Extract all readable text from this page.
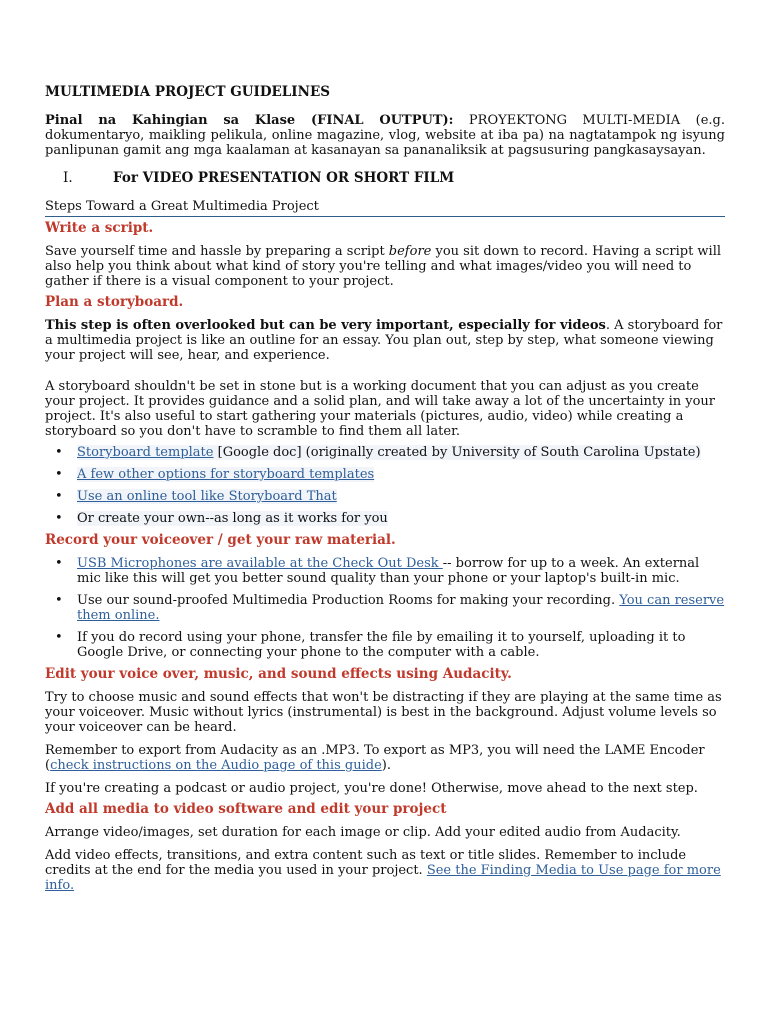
MULTIMEDIA PROJECT GUIDELINES

Pinal na Kahingian sa Klase (FINAL OUTPUT): PROYEKTONG MULTI-MEDIA (e.g. dokumentaryo, maikling pelikula, online magazine, vlog, website at iba pa) na nagtatampok ng isyung panlipunan gamit ang mga kaalaman at kasanayan sa pananaliksik at pagsusuring pangkasaysayan.

I.	For VIDEO PRESENTATION OR SHORT FILM
Steps Toward a Great Multimedia Project
Write a script.

Save yourself time and hassle by preparing a script before you sit down to record. Having a script will also help you think about what kind of story you're telling and what images/video you will need to gather if there is a visual component to your project.

Plan a storyboard.

This step is often overlooked but can be very important, especially for videos. A storyboard for a multimedia project is like an outline for an essay. You plan out, step by step, what someone viewing your project will see, hear, and experience.

A storyboard shouldn't be set in stone but is a working document that you can adjust as you create your project. It provides guidance and a solid plan, and will take away a lot of the uncertainty in your project. It's also useful to start gathering your materials (pictures, audio, video) while creating a storyboard so you don't have to scramble to find them all later.

• Storyboard template [Google doc] (originally created by University of South Carolina Upstate)
• A few other options for storyboard templates
• Use an online tool like Storyboard That
• Or create your own--as long as it works for you
Record your voiceover / get your raw material.
• USB Microphones are available at the Check Out Desk -- borrow for up to a week. An external mic like this will get you better sound quality than your phone or your laptop's built-in mic.
• Use our sound-proofed Multimedia Production Rooms for making your recording. You can reserve them online.
• If you do record using your phone, transfer the file by emailing it to yourself, uploading it to Google Drive, or connecting your phone to the computer with a cable.
Edit your voice over, music, and sound effects using Audacity.

Try to choose music and sound effects that won't be distracting if they are playing at the same time as your voiceover. Music without lyrics (instrumental) is best in the background. Adjust volume levels so your voiceover can be heard.

Remember to export from Audacity as an .MP3. To export as MP3, you will need the LAME Encoder (check instructions on the Audio page of this guide).

If you're creating a podcast or audio project, you're done! Otherwise, move ahead to the next step.

Add all media to video software and edit your project

Arrange video/images, set duration for each image or clip. Add your edited audio from Audacity.

Add video effects, transitions, and extra content such as text or title slides. Remember to include credits at the end for the media you used in your project. See the Finding Media to Use page for more info.
